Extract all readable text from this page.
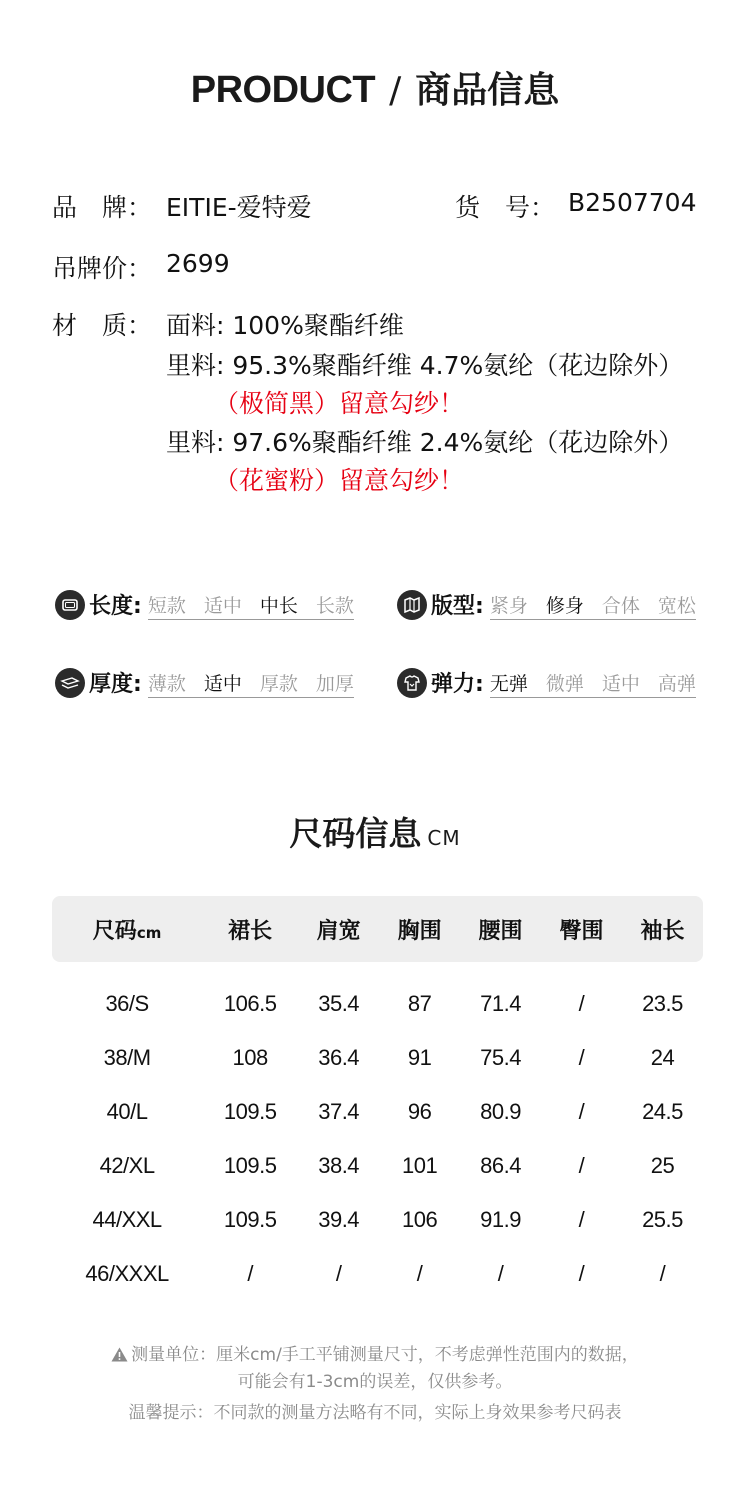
PRODUCT / 商品信息
品　牌： EITIE-爱特爱	货　号： B2507704
吊牌价： 2699
材　质： 面料: 100%聚酯纤维
里料: 95.3%聚酯纤维 4.7%氨纶（花边除外）
（极简黑）留意勾纱！
里料: 97.6%聚酯纤维 2.4%氨纶（花边除外）
（花蜜粉）留意勾纱！
长度: 短款 适中 中长 长款	版型: 紧身 修身 合体 宽松
厚度: 薄款 适中 厚款 加厚	弹力: 无弹 微弹 适中 高弹
尺码信息 CM
尺码cm	裙长	肩宽	胸围	腰围	臀围	袖长
36/S	106.5	35.4	87	71.4	/	23.5
38/M	108	36.4	91	75.4	/	24
40/L	109.5	37.4	96	80.9	/	24.5
42/XL	109.5	38.4	101	86.4	/	25
44/XXL	109.5	39.4	106	91.9	/	25.5
46/XXXL	/	/	/	/	/	/
测量单位：厘米cm/手工平铺测量尺寸，不考虑弹性范围内的数据，
可能会有1-3cm的误差，仅供参考。
温馨提示：不同款的测量方法略有不同，实际上身效果参考尺码表
